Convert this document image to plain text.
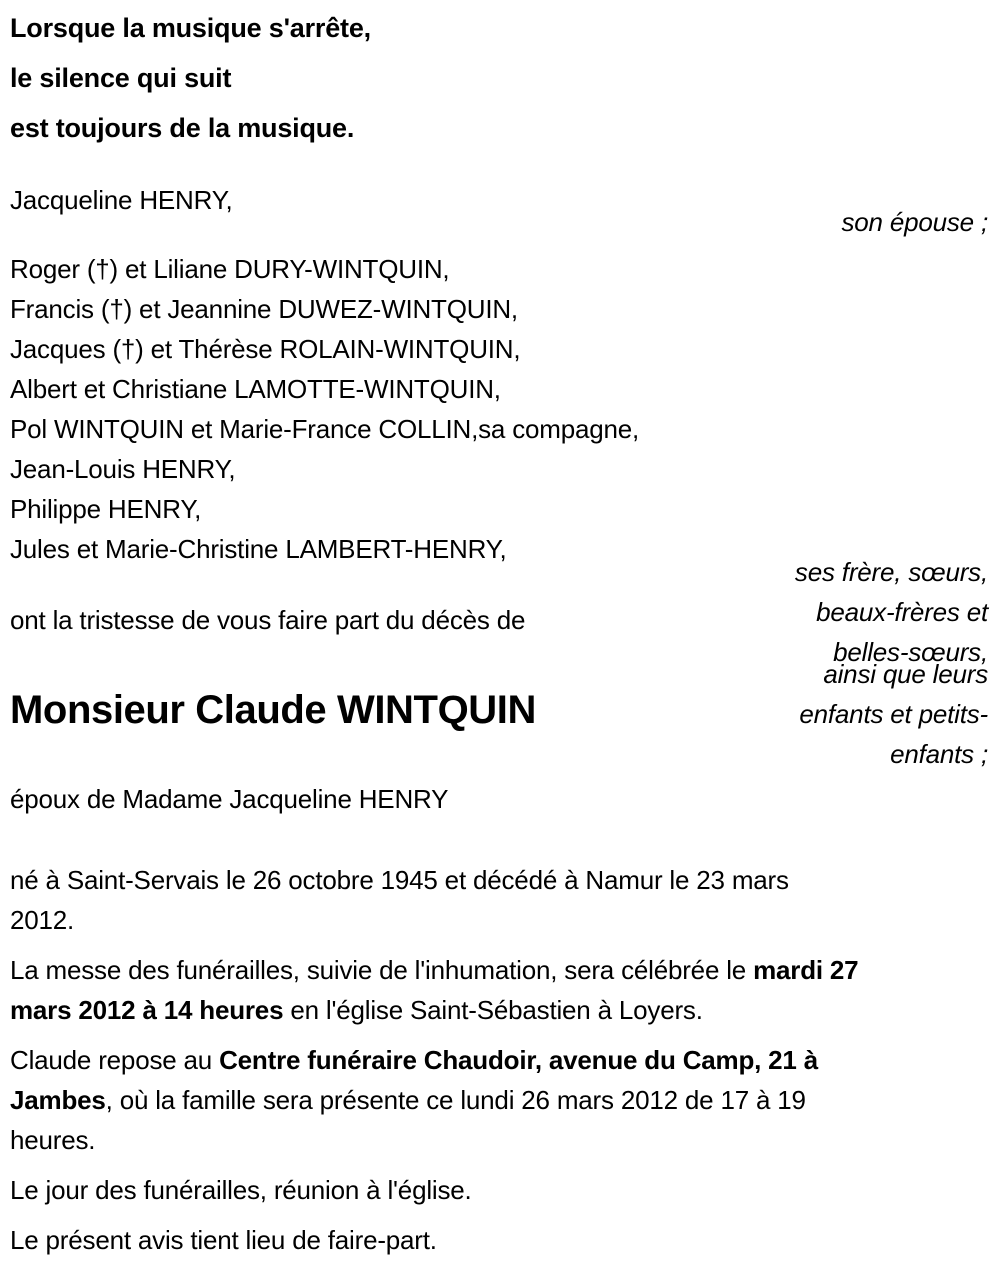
Lorsque la musique s'arrête,
le silence qui suit
est toujours de la musique.
Jacqueline HENRY,
Roger (†) et Liliane DURY-WINTQUIN,
Francis (†) et Jeannine DUWEZ-WINTQUIN,
Jacques (†) et Thérèse ROLAIN-WINTQUIN,
Albert et Christiane LAMOTTE-WINTQUIN,
Pol WINTQUIN et Marie-France COLLIN,sa compagne,
Jean-Louis HENRY,
Philippe HENRY,
Jules et Marie-Christine LAMBERT-HENRY,
ont la tristesse de vous faire part du décès de
Monsieur Claude WINTQUIN
époux de Madame Jacqueline HENRY

né à Saint-Servais le 26 octobre 1945 et décédé à Namur le 23 mars
2012.

La messe des funérailles, suivie de l'inhumation, sera célébrée le mardi 27
mars 2012 à 14 heures en l'église Saint-Sébastien à Loyers.

Claude repose au Centre funéraire Chaudoir, avenue du Camp, 21 à
Jambes, où la famille sera présente ce lundi 26 mars 2012 de 17 à 19
heures.

Le jour des funérailles, réunion à l'église.

Le présent avis tient lieu de faire-part.

son épouse ;
ses frère, sœurs,
beaux-frères et
belles-sœurs,
ainsi que leurs
enfants et petits-
enfants ;
